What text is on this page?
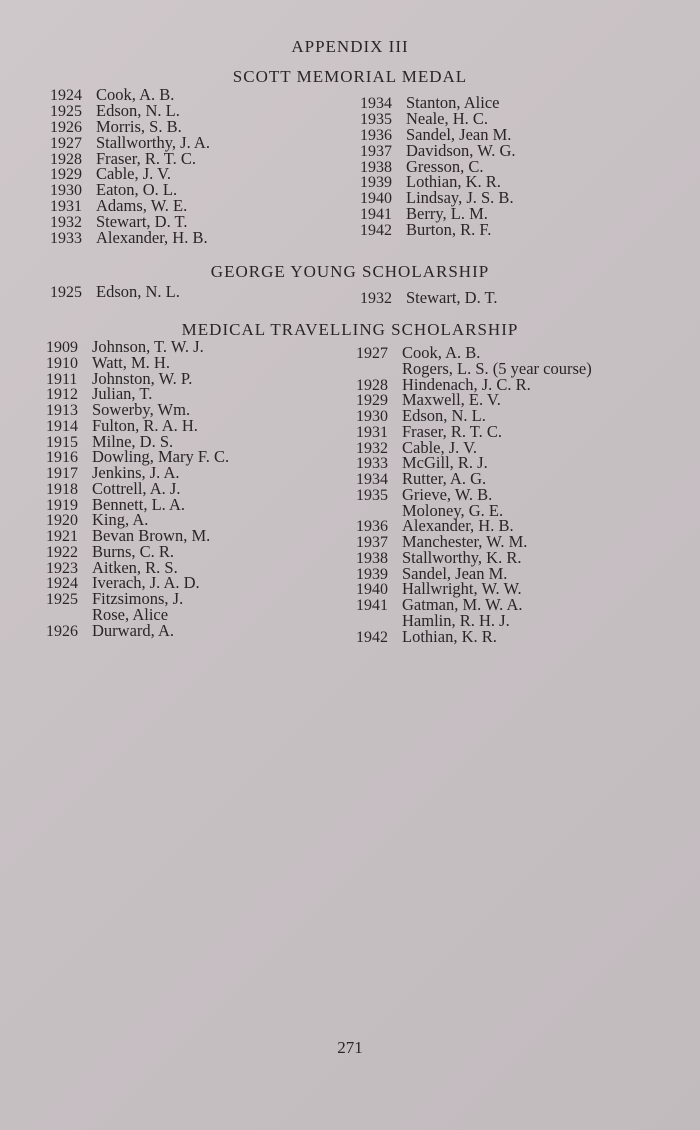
APPENDIX III
SCOTT MEMORIAL MEDAL
1924 Cook, A. B.
1925 Edson, N. L.
1926 Morris, S. B.
1927 Stallworthy, J. A.
1928 Fraser, R. T. C.
1929 Cable, J. V.
1930 Eaton, O. L.
1931 Adams, W. E.
1932 Stewart, D. T.
1933 Alexander, H. B.
1934 Stanton, Alice
1935 Neale, H. C.
1936 Sandel, Jean M.
1937 Davidson, W. G.
1938 Gresson, C.
1939 Lothian, K. R.
1940 Lindsay, J. S. B.
1941 Berry, L. M.
1942 Burton, R. F.
GEORGE YOUNG SCHOLARSHIP
1925 Edson, N. L.	1932 Stewart, D. T.
MEDICAL TRAVELLING SCHOLARSHIP
1909 Johnson, T. W. J.
1910 Watt, M. H.
1911 Johnston, W. P.
1912 Julian, T.
1913 Sowerby, Wm.
1914 Fulton, R. A. H.
1915 Milne, D. S.
1916 Dowling, Mary F. C.
1917 Jenkins, J. A.
1918 Cottrell, A. J.
1919 Bennett, L. A.
1920 King, A.
1921 Bevan Brown, M.
1922 Burns, C. R.
1923 Aitken, R. S.
1924 Iverach, J. A. D.
1925 Fitzsimons, J.
Rose, Alice
1926 Durward, A.
1927 Cook, A. B.
Rogers, L. S. (5 year course)
1928 Hindenach, J. C. R.
1929 Maxwell, E. V.
1930 Edson, N. L.
1931 Fraser, R. T. C.
1932 Cable, J. V.
1933 McGill, R. J.
1934 Rutter, A. G.
1935 Grieve, W. B.
Moloney, G. E.
1936 Alexander, H. B.
1937 Manchester, W. M.
1938 Stallworthy, K. R.
1939 Sandel, Jean M.
1940 Hallwright, W. W.
1941 Gatman, M. W. A.
Hamlin, R. H. J.
1942 Lothian, K. R.
271
